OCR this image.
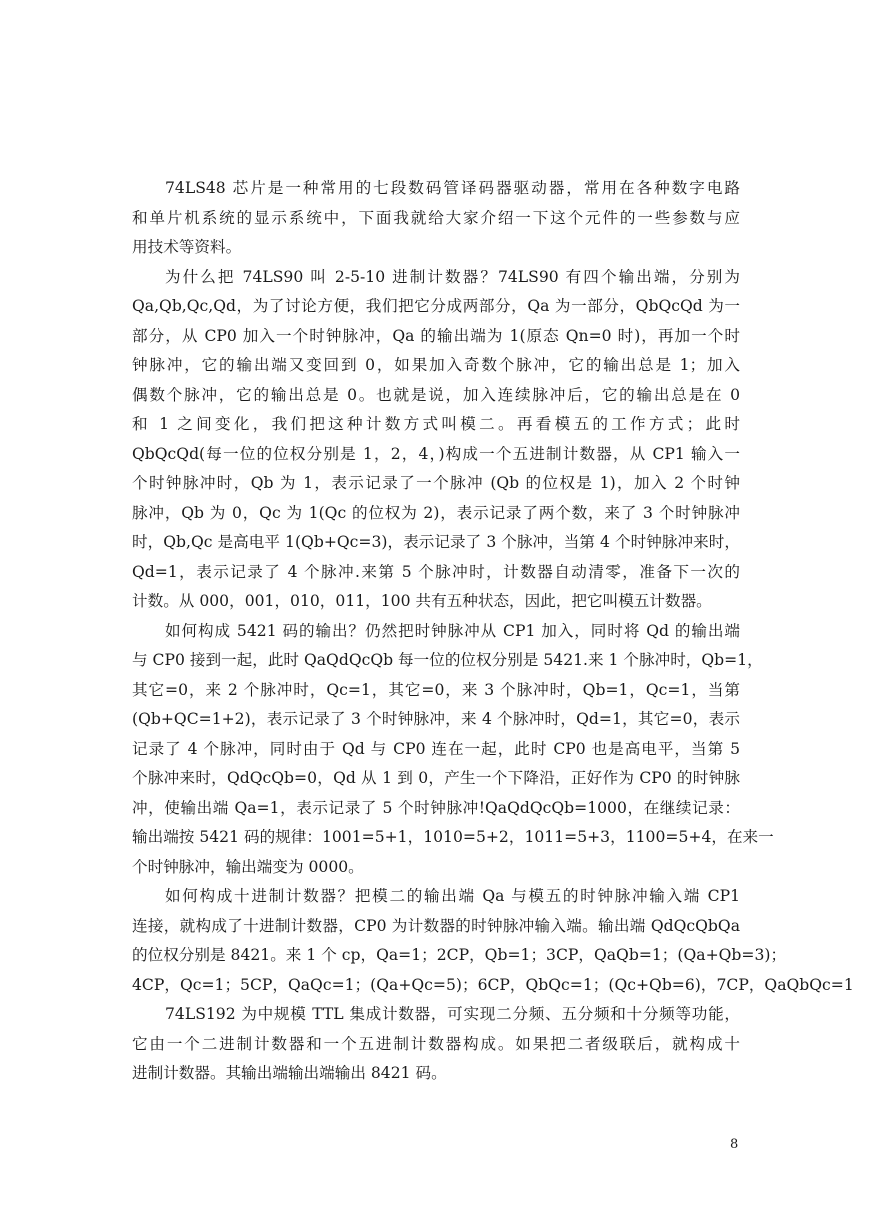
74LS48 芯片是一种常用的七段数码管译码器驱动器，常用在各种数字电路
和单片机系统的显示系统中，下面我就给大家介绍一下这个元件的一些参数与应
用技术等资料。
为什么把 74LS90 叫 2-5-10 进制计数器？74LS90 有四个输出端，分别为
Qa,Qb,Qc,Qd，为了讨论方便，我们把它分成两部分，Qa 为一部分，QbQcQd 为一
部分，从 CP0 加入一个时钟脉冲，Qa 的输出端为 1(原态 Qn=0 时)，再加一个时
钟脉冲，它的输出端又变回到 0，如果加入奇数个脉冲，它的输出总是 1；加入
偶数个脉冲，它的输出总是 0。也就是说，加入连续脉冲后，它的输出总是在 0
和 1 之间变化，我们把这种计数方式叫模二。再看模五的工作方式；此时
QbQcQd(每一位的位权分别是 1，2，4，)构成一个五进制计数器，从 CP1 输入一
个时钟脉冲时，Qb 为 1，表示记录了一个脉冲 (Qb 的位权是 1)，加入 2 个时钟
脉冲，Qb 为 0，Qc 为 1(Qc 的位权为 2)，表示记录了两个数，来了 3 个时钟脉冲
时，Qb,Qc 是高电平 1(Qb+Qc=3)，表示记录了 3 个脉冲，当第 4 个时钟脉冲来时，
Qd=1，表示记录了 4 个脉冲.来第 5 个脉冲时，计数器自动清零，准备下一次的
计数。从 000，001，010，011，100 共有五种状态，因此，把它叫模五计数器。
如何构成 5421 码的输出？仍然把时钟脉冲从 CP1 加入，同时将 Qd 的输出端
与 CP0 接到一起，此时 QaQdQcQb 每一位的位权分别是 5421.来 1 个脉冲时，Qb=1，
其它=0，来 2 个脉冲时，Qc=1，其它=0，来 3 个脉冲时，Qb=1，Qc=1，当第
(Qb+QC=1+2)，表示记录了 3 个时钟脉冲，来 4 个脉冲时，Qd=1，其它=0，表示
记录了 4 个脉冲，同时由于 Qd 与 CP0 连在一起，此时 CP0 也是高电平，当第 5
个脉冲来时，QdQcQb=0，Qd 从 1 到 0，产生一个下降沿，正好作为 CP0 的时钟脉
冲，使输出端 Qa=1，表示记录了 5 个时钟脉冲!QaQdQcQb=1000，在继续记录：
输出端按 5421 码的规律：1001=5+1，1010=5+2，1011=5+3，1100=5+4，在来一
个时钟脉冲，输出端变为 0000。
如何构成十进制计数器？把模二的输出端 Qa 与模五的时钟脉冲输入端 CP1
连接，就构成了十进制计数器，CP0 为计数器的时钟脉冲输入端。输出端 QdQcQbQa
的位权分别是 8421。来 1 个 cp，Qa=1；2CP，Qb=1；3CP，QaQb=1；(Qa+Qb=3)；
4CP，Qc=1；5CP，QaQc=1；(Qa+Qc=5)；6CP，QbQc=1；(Qc+Qb=6)，7CP，QaQbQc=1
74LS192 为中规模 TTL 集成计数器，可实现二分频、五分频和十分频等功能，
它由一个二进制计数器和一个五进制计数器构成。如果把二者级联后，就构成十
进制计数器。其输出端输出端输出 8421 码。
8
